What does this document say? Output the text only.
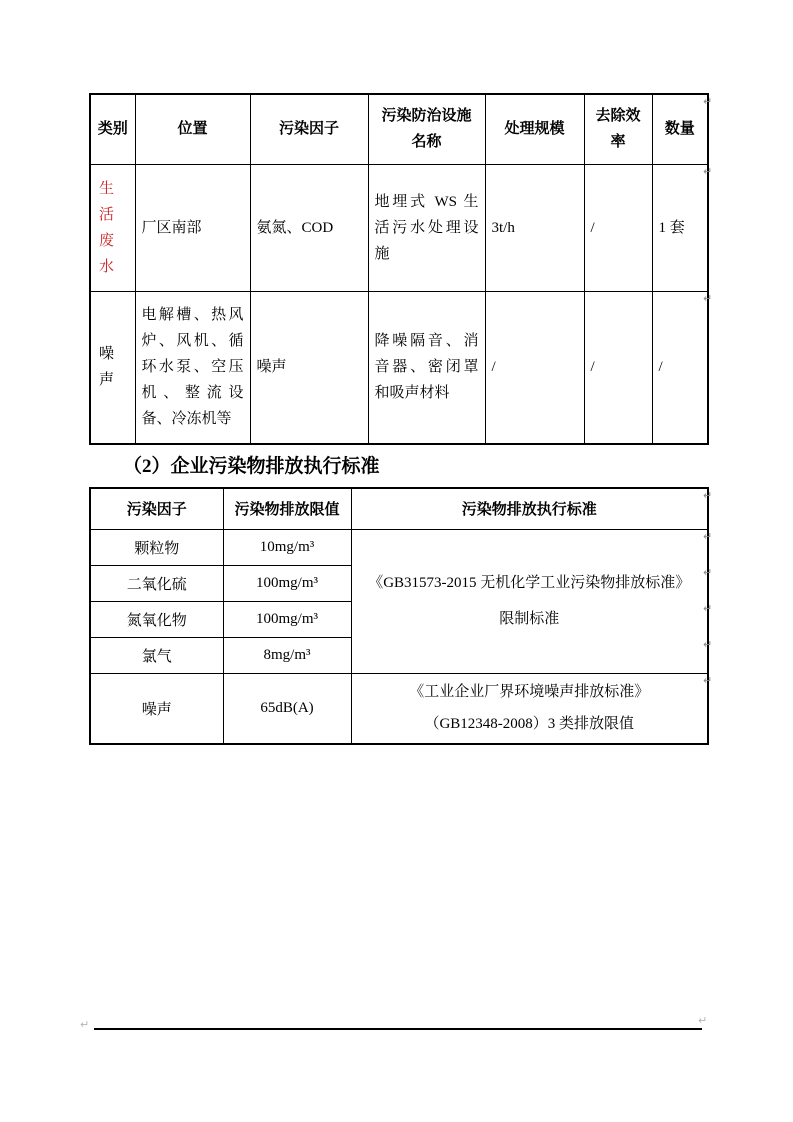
类别	位置	污染因子	污染防治设施名称	处理规模	去除效率	数量
生活废水	厂区南部	氨氮、COD	地埋式 WS 生活污水处理设施	3t/h	/	1 套
噪声	电解槽、热风炉、风机、循环水泵、空压机、整流设备、冷冻机等	噪声	降噪隔音、消音器、密闭罩和吸声材料	/	/	/
（2）企业污染物排放执行标准
污染因子	污染物排放限值	污染物排放执行标准
颗粒物	10mg/m³	《GB31573-2015 无机化学工业污染物排放标准》
限制标准

二氧化硫	100mg/m³	
氮氧化物	100mg/m³	
氯气	8mg/m³	
噪声	65dB(A)	《工业企业厂界环境噪声排放标准》
（GB12348-2008）3 类排放限值
↵
↵
↵
↵
↵
↵
↵
↵
↵
↵	↵
